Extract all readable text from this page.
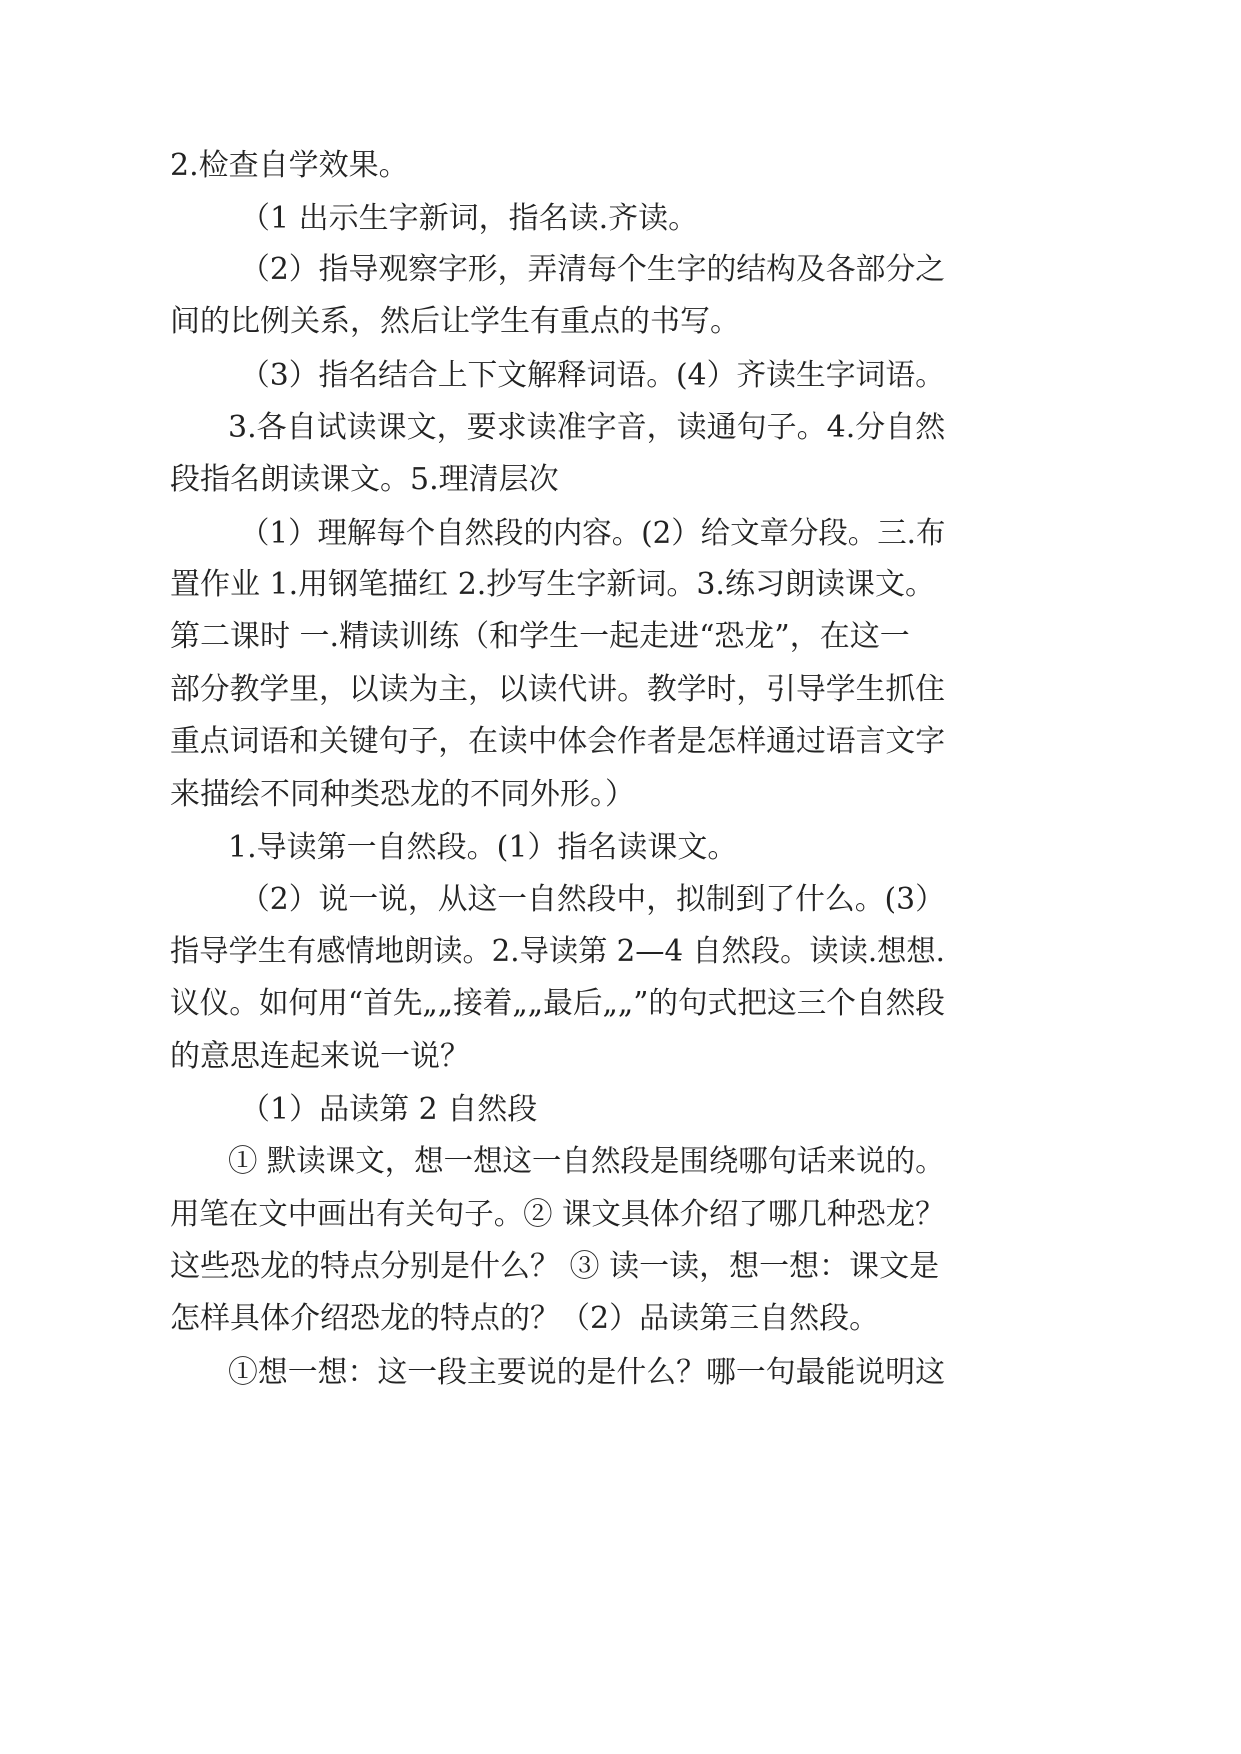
2.检查自学效果。
（1 出示生字新词，指名读.齐读。
（2）指导观察字形，弄清每个生字的结构及各部分之
间的比例关系，然后让学生有重点的书写。
（3）指名结合上下文解释词语。(4）齐读生字词语。
3.各自试读课文，要求读准字音，读通句子。4.分自然
段指名朗读课文。5.理清层次
（1）理解每个自然段的内容。(2）给文章分段。三.布
置作业 1.用钢笔描红 2.抄写生字新词。3.练习朗读课文。
第二课时 一.精读训练（和学生一起走进“恐龙”，在这一
部分教学里，以读为主，以读代讲。教学时，引导学生抓住
重点词语和关键句子，在读中体会作者是怎样通过语言文字
来描绘不同种类恐龙的不同外形。）
1.导读第一自然段。(1）指名读课文。
（2）说一说，从这一自然段中，拟制到了什么。(3）
指导学生有感情地朗读。2.导读第 2—4 自然段。读读.想想.
议仪。如何用“首先„„接着„„最后„„”的句式把这三个自然段
的意思连起来说一说？
（1）品读第 2 自然段
① 默读课文，想一想这一自然段是围绕哪句话来说的。
用笔在文中画出有关句子。② 课文具体介绍了哪几种恐龙？
这些恐龙的特点分别是什么？ ③ 读一读，想一想：课文是
怎样具体介绍恐龙的特点的？（2）品读第三自然段。
①想一想：这一段主要说的是什么？哪一句最能说明这
